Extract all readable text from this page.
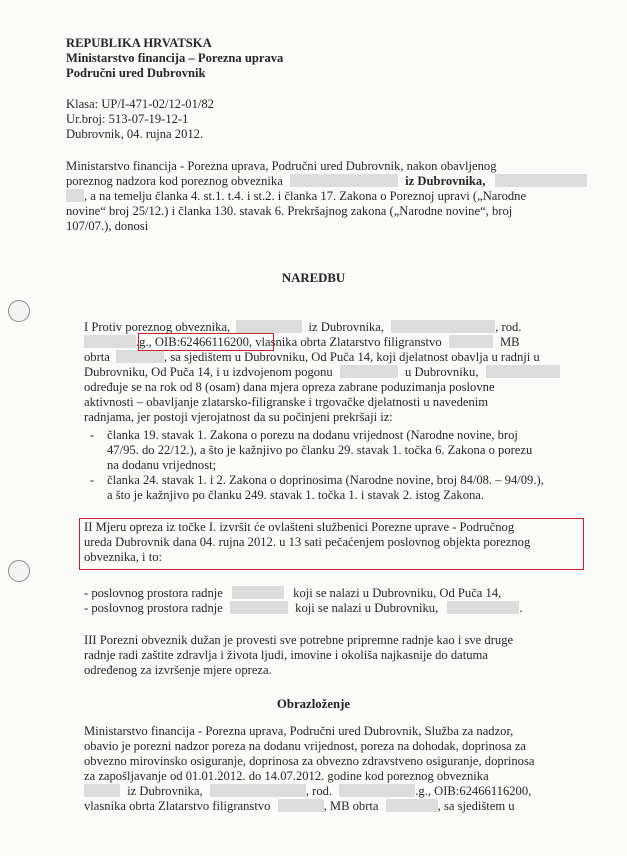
REPUBLIKA HRVATSKA
Ministarstvo financija – Porezna uprava
Područni ured Dubrovnik
Klasa: UP/I-471-02/12-01/82
Ur.broj: 513-07-19-12-1
Dubrovnik, 04. rujna 2012.
Ministarstvo financija - Porezna uprava, Područni ured Dubrovnik, nakon obavljenog
poreznog nadzora kod poreznog obveznika	iz Dubrovnika,
, a na temelju članka 4. st.1. t.4. i st.2. i članka 17. Zakona o Poreznoj upravi („Narodne
novine“ broj 25/12.) i članka 130. stavak 6. Prekršajnog zakona („Narodne novine“, broj
107/07.), donosi
NAREDBU
I Protiv poreznog obveznika,	iz Dubrovnika,	, rod.
.g., OIB:62466116200, vlasnika obrta Zlatarstvo filigranstvo	MB
obrta	, sa sjedištem u Dubrovniku, Od Puča 14, koji djelatnost obavlja u radnji u
Dubrovniku, Od Puča 14, i u izdvojenom pogonu	u Dubrovniku,
određuje se na rok od 8 (osam) dana mjera opreza zabrane poduzimanja poslovne
aktivnosti – obavljanje zlatarsko-filigranske i trgovačke djelatnosti u navedenim
radnjama, jer postoji vjerojatnost da su počinjeni prekršaji iz:
- članka 19. stavak 1. Zakona o porezu na dodanu vrijednost (Narodne novine, broj
47/95. do 22/12.), a što je kažnjivo po članku 29. stavak 1. točka 6. Zakona o porezu
na dodanu vrijednost;
- članka 24. stavak 1. i 2. Zakona o doprinosima (Narodne novine, broj 84/08. – 94/09.),
a što je kažnjivo po članku 249. stavak 1. točka 1. i stavak 2. istog Zakona.
II Mjeru opreza iz točke I. izvršit će ovlašteni službenici Porezne uprave - Područnog
ureda Dubrovnik dana 04. rujna 2012. u 13 sati pečaćenjem poslovnog objekta poreznog
obveznika, i to:
- poslovnog prostora radnje	koji se nalazi u Dubrovniku, Od Puča 14,
- poslovnog prostora radnje	koji se nalazi u Dubrovniku,	.
III Porezni obveznik dužan je provesti sve potrebne pripremne radnje kao i sve druge
radnje radi zaštite zdravlja i života ljudi, imovine i okoliša najkasnije do datuma
određenog za izvršenje mjere opreza.
Obrazloženje
Ministarstvo financija - Porezna uprava, Područni ured Dubrovnik, Služba za nadzor,
obavio je porezni nadzor poreza na dodanu vrijednost, poreza na dohodak, doprinosa za
obvezno mirovinsko osiguranje, doprinosa za obvezno zdravstveno osiguranje, doprinosa
za zapošljavanje od 01.01.2012. do 14.07.2012. godine kod poreznog obveznika
iz Dubrovnika,	, rod.	.g., OIB:62466116200,
vlasnika obrta Zlatarstvo filigranstvo	, MB obrta	, sa sjedištem u
